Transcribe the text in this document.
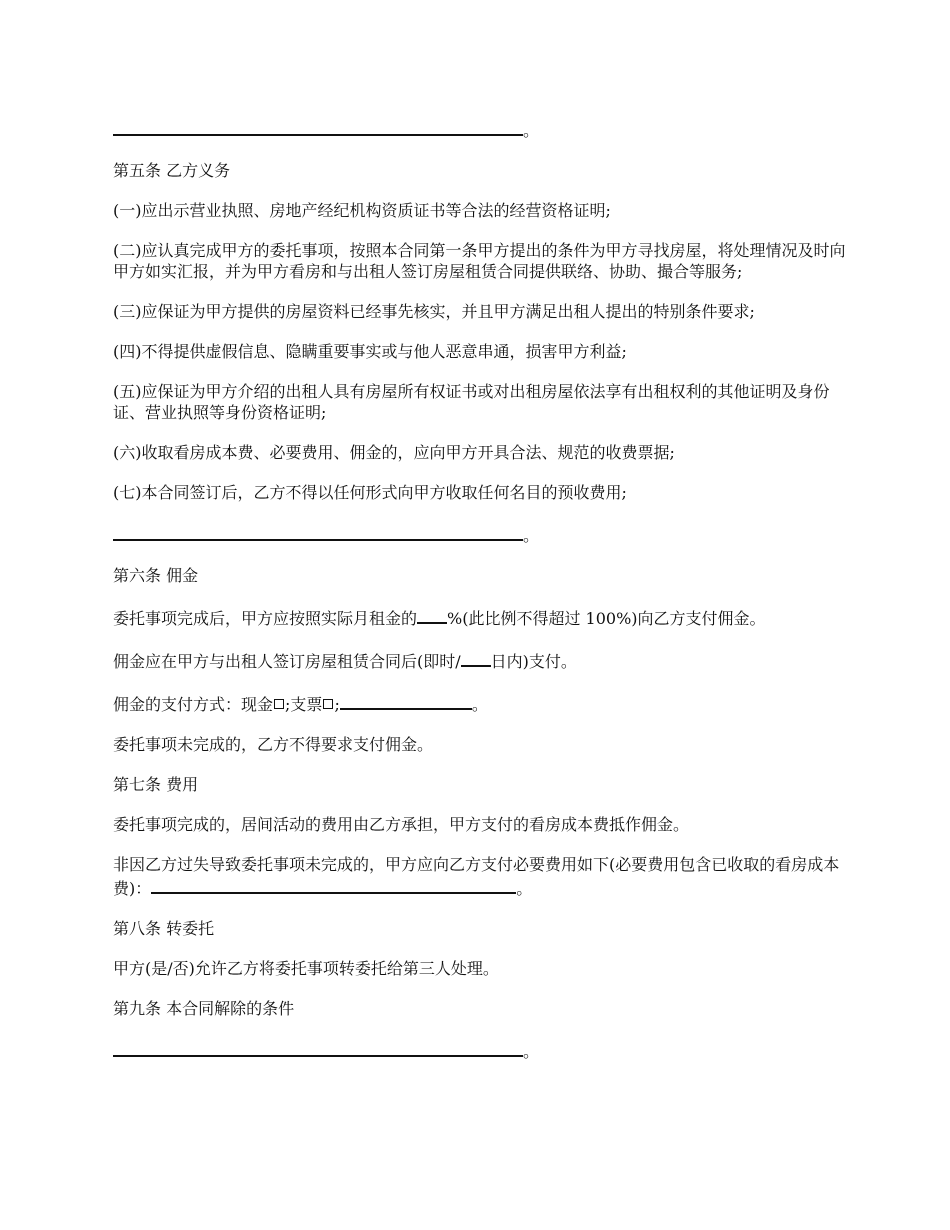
。

第五条 乙方义务

(一)应出示营业执照、房地产经纪机构资质证书等合法的经营资格证明;

(二)应认真完成甲方的委托事项，按照本合同第一条甲方提出的条件为甲方寻找房屋，将处理情况及时向甲方如实汇报，并为甲方看房和与出租人签订房屋租赁合同提供联络、协助、撮合等服务;

(三)应保证为甲方提供的房屋资料已经事先核实，并且甲方满足出租人提出的特别条件要求;

(四)不得提供虚假信息、隐瞒重要事实或与他人恶意串通，损害甲方利益;

(五)应保证为甲方介绍的出租人具有房屋所有权证书或对出租房屋依法享有出租权利的其他证明及身份证、营业执照等身份资格证明;

(六)收取看房成本费、必要费用、佣金的，应向甲方开具合法、规范的收费票据;

(七)本合同签订后，乙方不得以任何形式向甲方收取任何名目的预收费用;

。

第六条 佣金

委托事项完成后，甲方应按照实际月租金的 %(此比例不得超过 100%)向乙方支付佣金。

佣金应在甲方与出租人签订房屋租赁合同后(即时/ 日内)支付。

佣金的支付方式：现金 ;支票 ;	。

委托事项未完成的，乙方不得要求支付佣金。

第七条 费用

委托事项完成的，居间活动的费用由乙方承担，甲方支付的看房成本费抵作佣金。

非因乙方过失导致委托事项未完成的，甲方应向乙方支付必要费用如下(必要费用包含已收取的看房成本费)：	。

第八条 转委托

甲方(是/否)允许乙方将委托事项转委托给第三人处理。

第九条 本合同解除的条件

。
